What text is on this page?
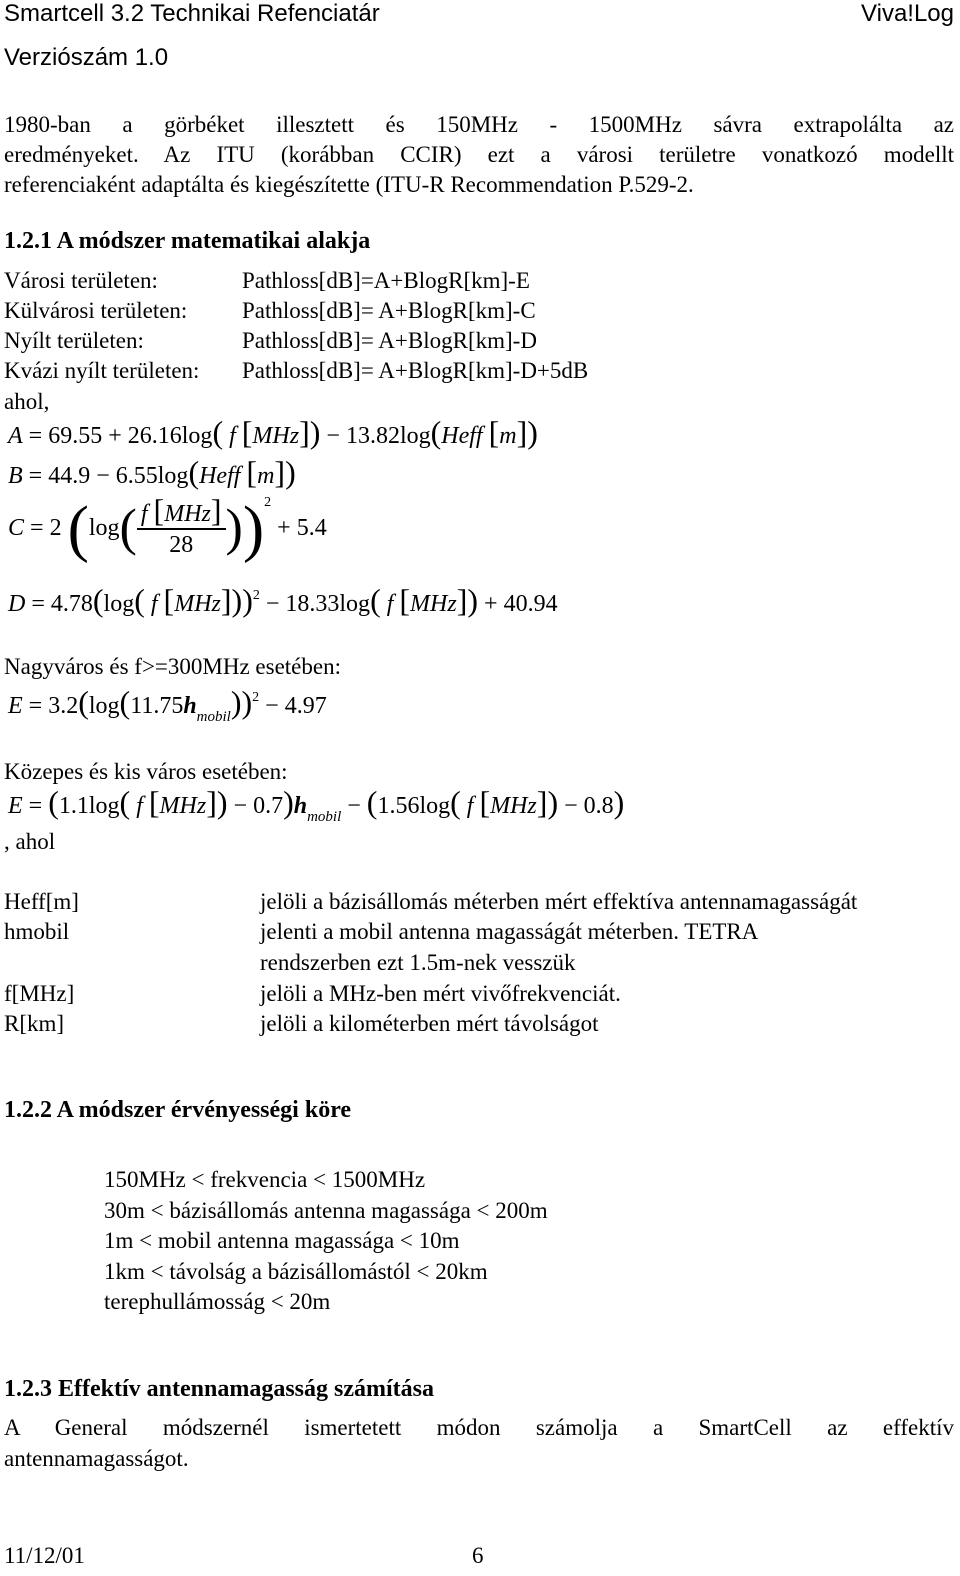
Smartcell 3.2 Technikai Refenciatár	Viva!Log
Verziószám 1.0
1980-ban a görbéket illesztett és 150MHz - 1500MHz sávra extrapolálta az
eredményeket. Az ITU (korábban CCIR) ezt a városi területre vonatkozó modellt
referenciaként adaptálta és kiegészítette (ITU-R Recommendation P.529-2.
1.2.1 A módszer matematikai alakja
Városi területen:	Pathloss[dB]=A+BlogR[km]-E
Külvárosi területen: Pathloss[dB]= A+BlogR[km]-C
Nyílt területen:	Pathloss[dB]= A+BlogR[km]-D
Kvázi nyílt területen: Pathloss[dB]= A+BlogR[km]-D+5dB
ahol,
A = 69.55 + 26.16log( f [MHz]) − 13.82log(Heff [m])
B = 44.9 − 6.55log(Heff [m])
C = 2 $(\log( \frac{\text{f [MHz]}}{28} ))^2 + 5.4$
D = 4.78(log( f [MHz]))$^2$ − 18.33log( f [MHz]) + 40.94
Nagyváros és f>=300MHz esetében:
$E = 3.2(\log(11.75h_{mobil}))^2 - 4.97$
Közepes és kis város esetében:
E = (1.1log( f $[MHz]) - 0.7)h_{mobil} - (1.56\log$( f [MHz]) − 0.8)
, ahol
Heff[m]	jelöli a bázisállomás méterben mért effektíva antennamagasságát
hmobil	jelenti a mobil antenna magasságát méterben. TETRA
rendszerben ezt 1.5m-nek vesszük
f[MHz]	jelöli a MHz-ben mért vivőfrekvenciát.
R[km]	jelöli a kilométerben mért távolságot
1.2.2 A módszer érvényességi köre
150MHz < frekvencia < 1500MHz
30m < bázisállomás antenna magassága < 200m
1m < mobil antenna magassága < 10m
1km < távolság a bázisállomástól < 20km
terephullámosság < 20m
1.2.3 Effektív antennamagasság számítása
A General módszernél ismertetett módon számolja a SmartCell az effektív
antennamagasságot.
11/12/01	6
